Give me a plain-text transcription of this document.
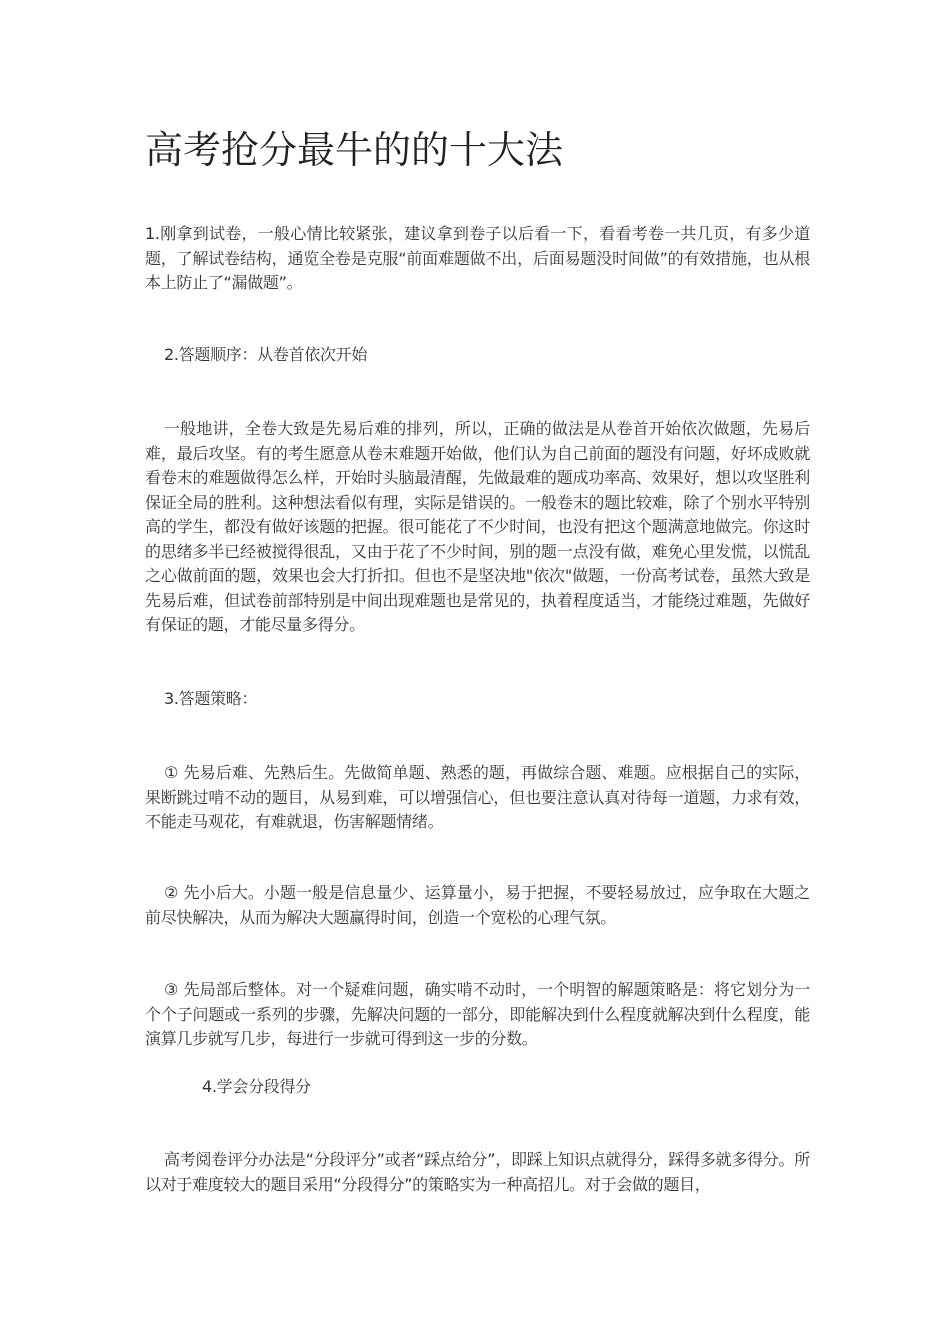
高考抢分最牛的的十大法

1.刚拿到试卷，一般心情比较紧张，建议拿到卷子以后看一下，看看考卷一共几页，有多少道题，了解试卷结构，通览全卷是克服“前面难题做不出，后面易题没时间做”的有效措施，也从根本上防止了“漏做题”。

2.答题顺序：从卷首依次开始

一般地讲，全卷大致是先易后难的排列，所以，正确的做法是从卷首开始依次做题，先易后难，最后攻坚。有的考生愿意从卷末难题开始做，他们认为自己前面的题没有问题，好坏成败就看卷末的难题做得怎么样，开始时头脑最清醒，先做最难的题成功率高、效果好，想以攻坚胜利保证全局的胜利。这种想法看似有理，实际是错误的。一般卷末的题比较难，除了个别水平特别高的学生，都没有做好该题的把握。很可能花了不少时间，也没有把这个题满意地做完。你这时的思绪多半已经被搅得很乱，又由于花了不少时间，别的题一点没有做，难免心里发慌，以慌乱之心做前面的题，效果也会大打折扣。但也不是坚决地"依次"做题，一份高考试卷，虽然大致是先易后难，但试卷前部特别是中间出现难题也是常见的，执着程度适当，才能绕过难题，先做好有保证的题，才能尽量多得分。

3.答题策略：

① 先易后难、先熟后生。先做简单题、熟悉的题，再做综合题、难题。应根据自己的实际，果断跳过啃不动的题目，从易到难，可以增强信心，但也要注意认真对待每一道题，力求有效，不能走马观花，有难就退，伤害解题情绪。

② 先小后大。小题一般是信息量少、运算量小，易于把握，不要轻易放过，应争取在大题之前尽快解决，从而为解决大题赢得时间，创造一个宽松的心理气氛。

③ 先局部后整体。对一个疑难问题，确实啃不动时，一个明智的解题策略是：将它划分为一个个子问题或一系列的步骤，先解决问题的一部分，即能解决到什么程度就解决到什么程度，能演算几步就写几步，每进行一步就可得到这一步的分数。

4.学会分段得分

高考阅卷评分办法是“分段评分”或者“踩点给分”，即踩上知识点就得分，踩得多就多得分。所以对于难度较大的题目采用“分段得分”的策略实为一种高招儿。对于会做的题目，
